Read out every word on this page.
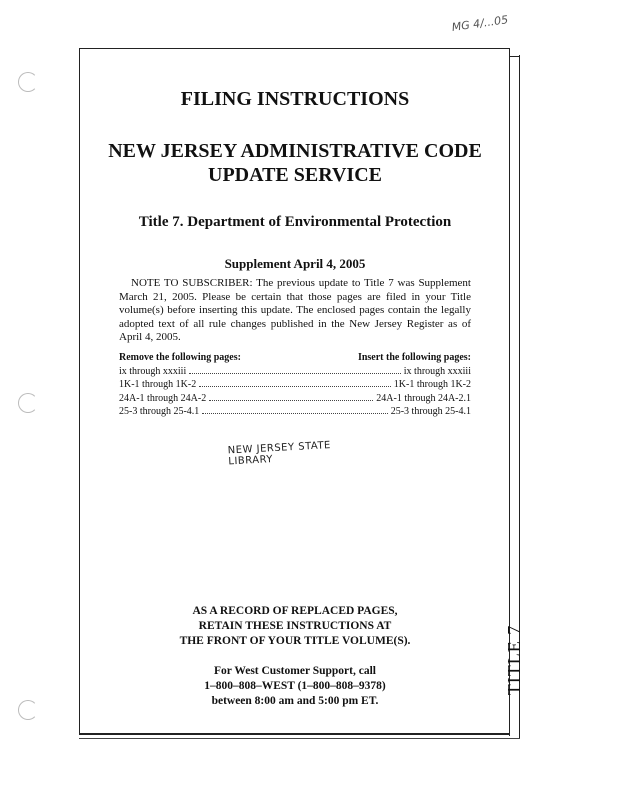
MG 4/...05
TITLE 7
FILING INSTRUCTIONS
NEW JERSEY ADMINISTRATIVE CODE
UPDATE SERVICE
Title 7. Department of Environmental Protection
Supplement April 4, 2005
NOTE TO SUBSCRIBER: The previous update to Title 7 was Supplement March 21, 2005. Please be certain that those pages are filed in your Title volume(s) before inserting this update. The enclosed pages contain the legally adopted text of all rule changes published in the New Jersey Register as of April 4, 2005.
Remove the following pages:	Insert the following pages:
ix through xxxiii	ix through xxxiii
1K-1 through 1K-2	1K-1 through 1K-2
24A-1 through 24A-2	24A-1 through 24A-2.1
25-3 through 25-4.1	25-3 through 25-4.1
NEW JERSEY STATE LIBRARY
AS A RECORD OF REPLACED PAGES,
RETAIN THESE INSTRUCTIONS AT
THE FRONT OF YOUR TITLE VOLUME(S).
For West Customer Support, call
1–800–808–WEST (1–800–808–9378)
between 8:00 am and 5:00 pm ET.
